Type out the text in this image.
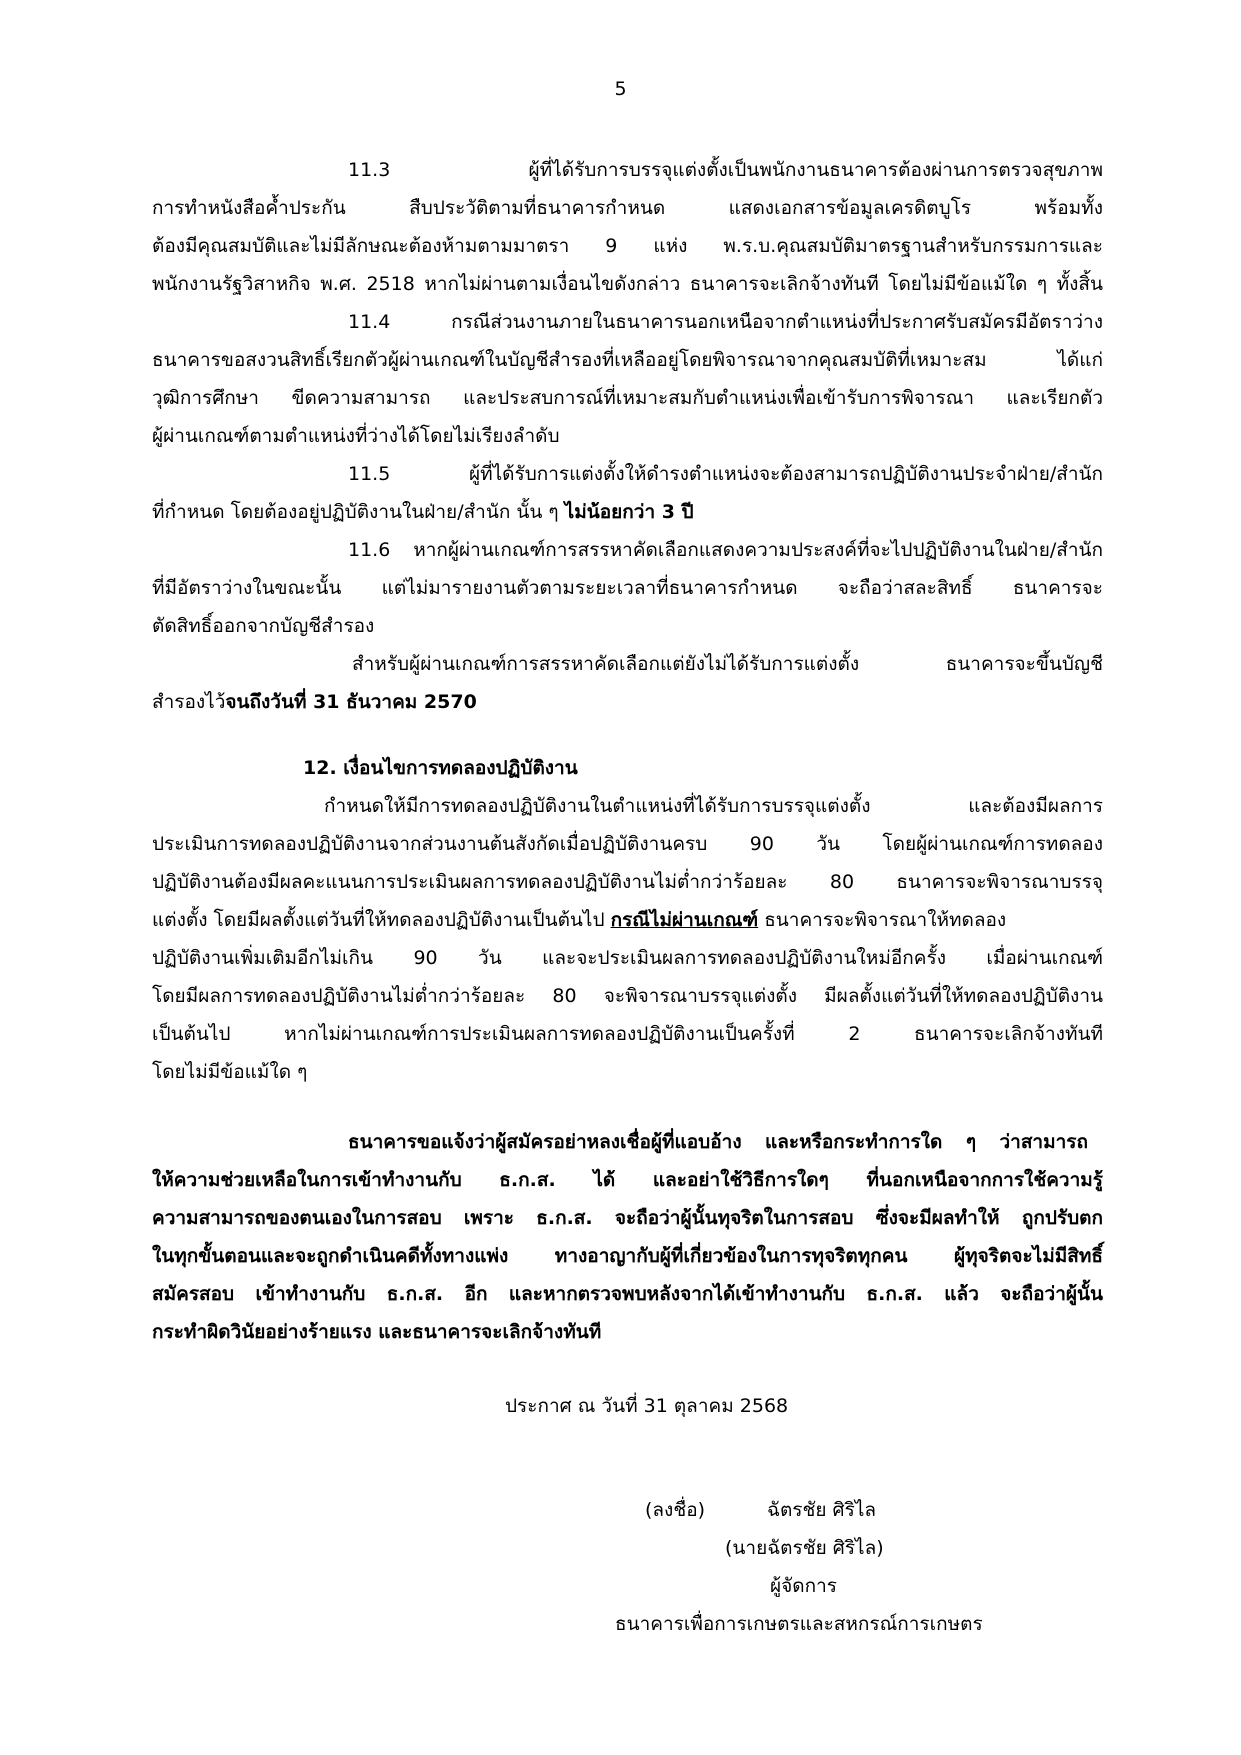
5
11.3 ผู้ที่ได้รับการบรรจุแต่งตั้งเป็นพนักงานธนาคารต้องผ่านการตรวจสุขภาพ
การทำหนังสือค้ำประกัน สืบประวัติตามที่ธนาคารกำหนด แสดงเอกสารข้อมูลเครดิตบูโร พร้อมทั้ง
ต้องมีคุณสมบัติและไม่มีลักษณะต้องห้ามตามมาตรา 9 แห่ง พ.ร.บ.คุณสมบัติมาตรฐานสำหรับกรรมการและ
พนักงานรัฐวิสาหกิจ พ.ศ. 2518 หากไม่ผ่านตามเงื่อนไขดังกล่าว ธนาคารจะเลิกจ้างทันที โดยไม่มีข้อแม้ใด ๆ ทั้งสิ้น
11.4 กรณีส่วนงานภายในธนาคารนอกเหนือจากตำแหน่งที่ประกาศรับสมัครมีอัตราว่าง
ธนาคารขอสงวนสิทธิ์เรียกตัวผู้ผ่านเกณฑ์ในบัญชีสำรองที่เหลืออยู่โดยพิจารณาจากคุณสมบัติที่เหมาะสม ได้แก่
วุฒิการศึกษา ขีดความสามารถ และประสบการณ์ที่เหมาะสมกับตำแหน่งเพื่อเข้ารับการพิจารณา และเรียกตัว
ผู้ผ่านเกณฑ์ตามตำแหน่งที่ว่างได้โดยไม่เรียงลำดับ
11.5 ผู้ที่ได้รับการแต่งตั้งให้ดำรงตำแหน่งจะต้องสามารถปฏิบัติงานประจำฝ่าย/สำนัก
ที่กำหนด โดยต้องอยู่ปฏิบัติงานในฝ่าย/สำนัก นั้น ๆ ไม่น้อยกว่า 3 ปี
11.6 หากผู้ผ่านเกณฑ์การสรรหาคัดเลือกแสดงความประสงค์ที่จะไปปฏิบัติงานในฝ่าย/สำนัก
ที่มีอัตราว่างในขณะนั้น แต่ไม่มารายงานตัวตามระยะเวลาที่ธนาคารกำหนด จะถือว่าสละสิทธิ์ ธนาคารจะ
ตัดสิทธิ์ออกจากบัญชีสำรอง
สำหรับผู้ผ่านเกณฑ์การสรรหาคัดเลือกแต่ยังไม่ได้รับการแต่งตั้ง ธนาคารจะขึ้นบัญชี
สำรองไว้จนถึงวันที่ 31 ธันวาคม 2570
12. เงื่อนไขการทดลองปฏิบัติงาน
กำหนดให้มีการทดลองปฏิบัติงานในตำแหน่งที่ได้รับการบรรจุแต่งตั้ง และต้องมีผลการ
ประเมินการทดลองปฏิบัติงานจากส่วนงานต้นสังกัดเมื่อปฏิบัติงานครบ 90 วัน โดยผู้ผ่านเกณฑ์การทดลอง
ปฏิบัติงานต้องมีผลคะแนนการประเมินผลการทดลองปฏิบัติงานไม่ต่ำกว่าร้อยละ 80 ธนาคารจะพิจารณาบรรจุ
แต่งตั้ง โดยมีผลตั้งแต่วันที่ให้ทดลองปฏิบัติงานเป็นต้นไป กรณีไม่ผ่านเกณฑ์ ธนาคารจะพิจารณาให้ทดลอง
ปฏิบัติงานเพิ่มเติมอีกไม่เกิน 90 วัน และจะประเมินผลการทดลองปฏิบัติงานใหม่อีกครั้ง เมื่อผ่านเกณฑ์
โดยมีผลการทดลองปฏิบัติงานไม่ต่ำกว่าร้อยละ 80 จะพิจารณาบรรจุแต่งตั้ง มีผลตั้งแต่วันที่ให้ทดลองปฏิบัติงาน
เป็นต้นไป หากไม่ผ่านเกณฑ์การประเมินผลการทดลองปฏิบัติงานเป็นครั้งที่ 2 ธนาคารจะเลิกจ้างทันที
โดยไม่มีข้อแม้ใด ๆ
ธนาคารขอแจ้งว่าผู้สมัครอย่าหลงเชื่อผู้ที่แอบอ้าง และหรือกระทำการใด ๆ ว่าสามารถ
ให้ความช่วยเหลือในการเข้าทำงานกับ ธ.ก.ส. ได้ และอย่าใช้วิธีการใดๆ ที่นอกเหนือจากการใช้ความรู้
ความสามารถของตนเองในการสอบ เพราะ ธ.ก.ส. จะถือว่าผู้นั้นทุจริตในการสอบ ซึ่งจะมีผลทำให้ ถูกปรับตก
ในทุกขั้นตอนและจะถูกดำเนินคดีทั้งทางแพ่ง ทางอาญากับผู้ที่เกี่ยวข้องในการทุจริตทุกคน ผู้ทุจริตจะไม่มีสิทธิ์
สมัครสอบ เข้าทำงานกับ ธ.ก.ส. อีก และหากตรวจพบหลังจากได้เข้าทำงานกับ ธ.ก.ส. แล้ว จะถือว่าผู้นั้น
กระทำผิดวินัยอย่างร้ายแรง และธนาคารจะเลิกจ้างทันที
ประกาศ ณ วันที่ 31 ตุลาคม 2568
(ลงชื่อ)	ฉัตรชัย ศิริไล
(นายฉัตรชัย ศิริไล)
ผู้จัดการ
ธนาคารเพื่อการเกษตรและสหกรณ์การเกษตร
